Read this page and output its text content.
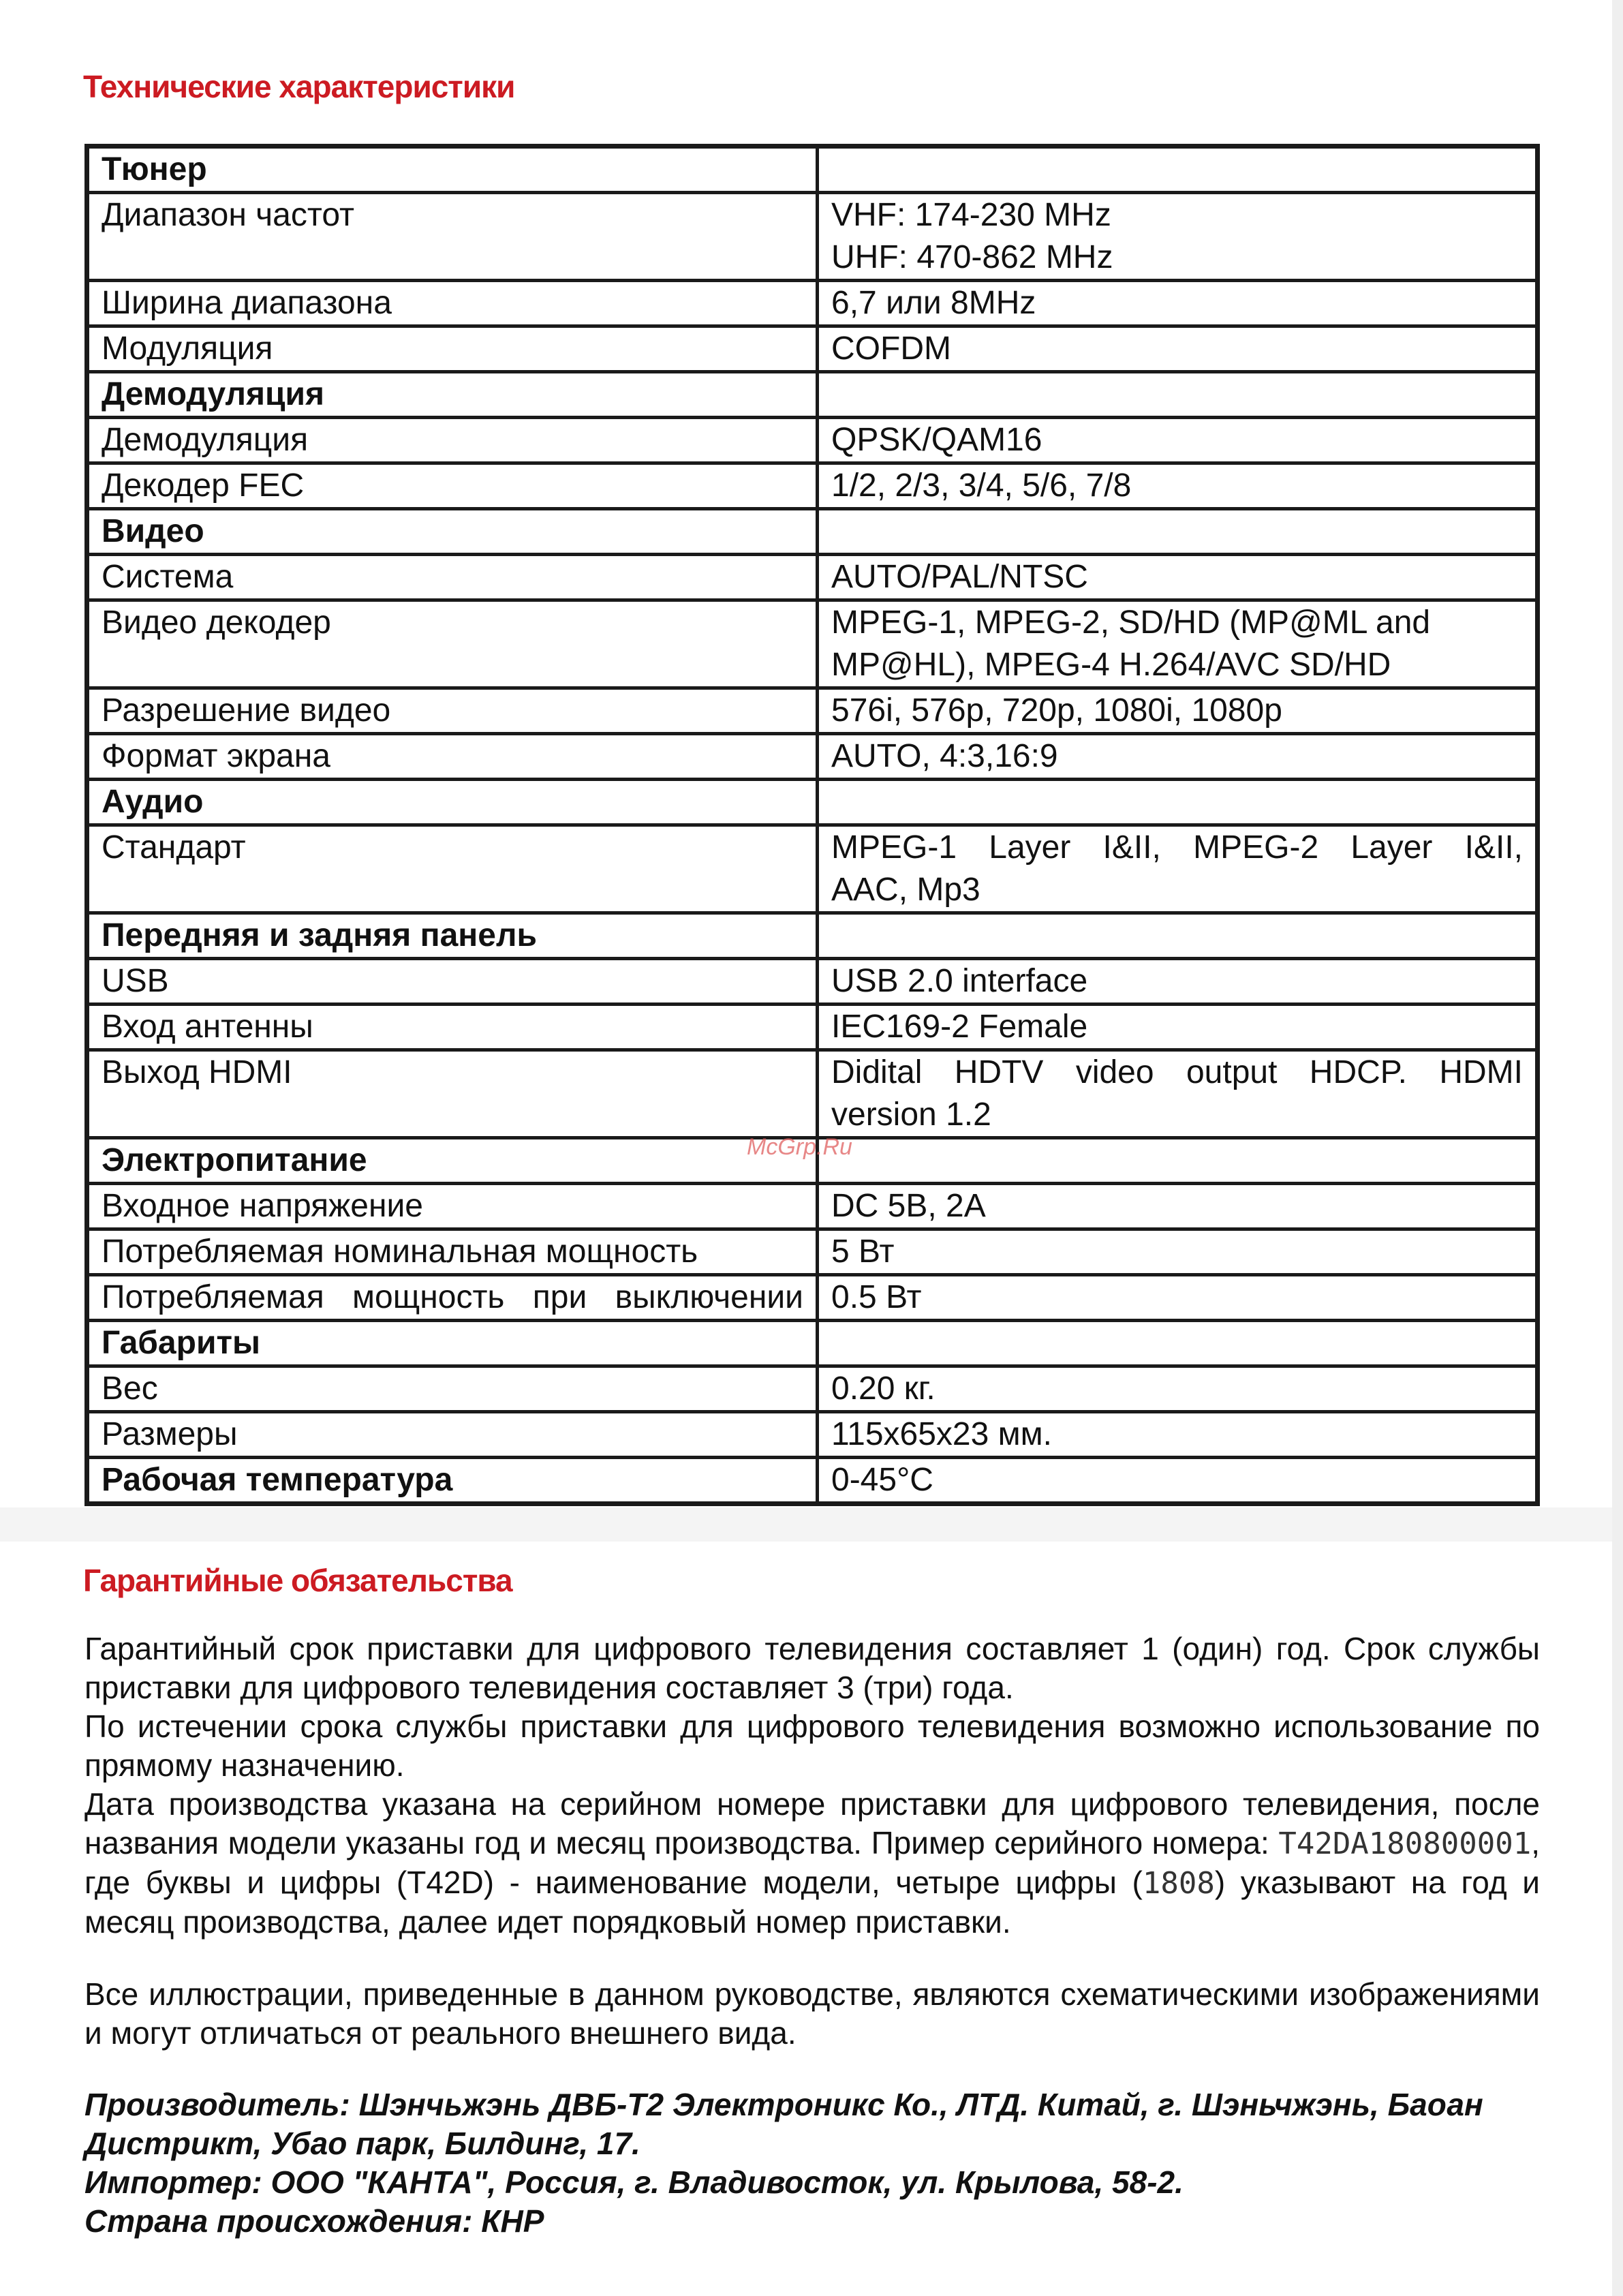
Технические характеристики
Тюнер	
Диапазон частот	VHF: 174-230 MHz
UHF: 470-862 MHz

Ширина диапазона	6,7 или 8MHz

Модуляция	COFDM

Демодуляция	
Демодуляция	QPSK/QAM16

Декодер FEC	1/2, 2/3, 3/4, 5/6, 7/8

Видео	
Система	AUTO/PAL/NTSC

Видео декодер	MPEG-1, MPEG-2, SD/HD (MP@ML and
MP@HL), MPEG-4 H.264/AVC SD/HD

Разрешение видео	576i, 576p, 720p, 1080i, 1080p

Формат экрана	AUTO, 4:3,16:9

Аудио	
Стандарт	MPEG-1 Layer I&II, MPEG-2 Layer I&II,
AAC, Mp3

Передняя и задняя панель	
USB	USB 2.0 interface

Вход антенны	IEC169-2 Female

Выход HDMI	Didital HDTV video output HDCP. HDMI
version 1.2

Электропитание	
Входное напряжение	DC 5B, 2A

Потребляемая номинальная мощность	5 Вт

Потребляемая мощность при выключении	0.5 Вт

Габариты	
Вес	0.20 кг.

Размеры	115x65x23 мм.

Рабочая температура	0-45°C
McGrp.Ru
Гарантийные обязательства

Гарантийный срок приставки для цифрового телевидения составляет 1 (один) год. Срок службы приставки для цифрового телевидения составляет 3 (три) года.

По истечении срока службы приставки для цифрового телевидения возможно использование по прямому назначению.

Дата производства указана на серийном номере приставки для цифрового телевидения, после названия модели указаны год и месяц производства. Пример серийного номера: T42DA180800001, где буквы и цифры (T42D) - наименование модели, четыре цифры (1808) указывают на год и месяц производства, далее идет порядковый номер приставки.

Все иллюстрации, приведенные в данном руководстве, являются схематическими изображениями и могут отличаться от реального внешнего вида.

Производитель: Шэнчьжэнь ДВБ-Т2 Электроникс Ко., ЛТД. Китай, г. Шэньчжэнь, Баоан Дистрикт, Убао парк, Билдинг, 17.

Импортер: ООО "КАНТА", Россия, г. Владивосток, ул. Крылова, 58-2.

Страна происхождения: КНР
